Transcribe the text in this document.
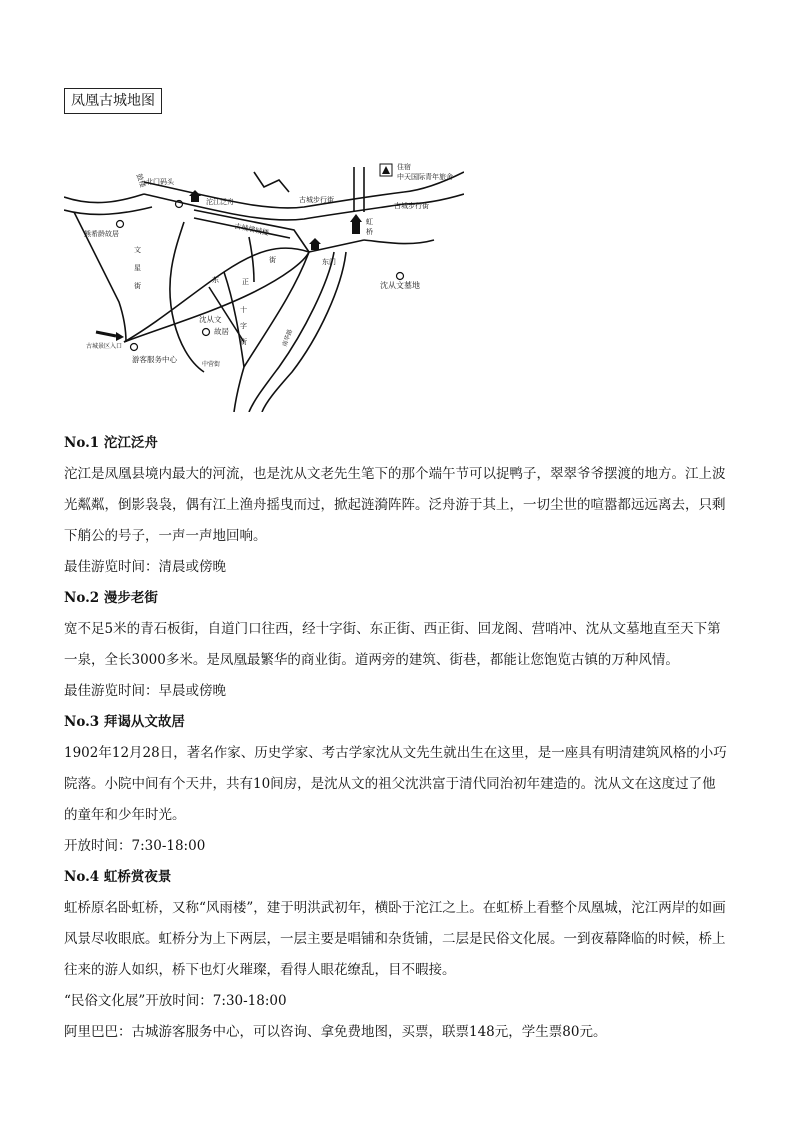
凤凰古城地图
住宿
中天国际青年旅舍
古城步行街
古城步行街
北门码头
沱江泛舟
古城墙城楼
虹
桥
东门
鼓楼
熊希龄故居
文
星
街	沈从文墓地
东	正
街
沈从文
故居
十
字
街
古城景区入口
游客服务中心
南华路
中营街

No.1 沱江泛舟

沱江是凤凰县境内最大的河流，也是沈从文老先生笔下的那个端午节可以捉鸭子，翠翠爷爷摆渡的地方。江上波光粼粼，倒影袅袅，偶有江上渔舟摇曳而过，掀起涟漪阵阵。泛舟游于其上，一切尘世的喧嚣都远远离去，只剩下艄公的号子，一声一声地回响。

最佳游览时间：清晨或傍晚

No.2 漫步老街

宽不足5米的青石板街，自道门口往西，经十字街、东正街、西正街、回龙阁、营哨冲、沈从文墓地直至天下第一泉，全长3000多米。是凤凰最繁华的商业街。道两旁的建筑、街巷，都能让您饱览古镇的万种风情。

最佳游览时间：早晨或傍晚

No.3 拜谒从文故居

1902年12月28日，著名作家、历史学家、考古学家沈从文先生就出生在这里，是一座具有明清建筑风格的小巧院落。小院中间有个天井，共有10间房，是沈从文的祖父沈洪富于清代同治初年建造的。沈从文在这度过了他的童年和少年时光。

开放时间：7:30-18:00

No.4 虹桥赏夜景

虹桥原名卧虹桥，又称“风雨楼”，建于明洪武初年，横卧于沱江之上。在虹桥上看整个凤凰城，沱江两岸的如画风景尽收眼底。虹桥分为上下两层，一层主要是唱铺和杂货铺，二层是民俗文化展。一到夜幕降临的时候，桥上往来的游人如织，桥下也灯火璀璨，看得人眼花缭乱，目不暇接。

“民俗文化展”开放时间：7:30-18:00

阿里巴巴：古城游客服务中心，可以咨询、拿免费地图，买票，联票148元，学生票80元。
